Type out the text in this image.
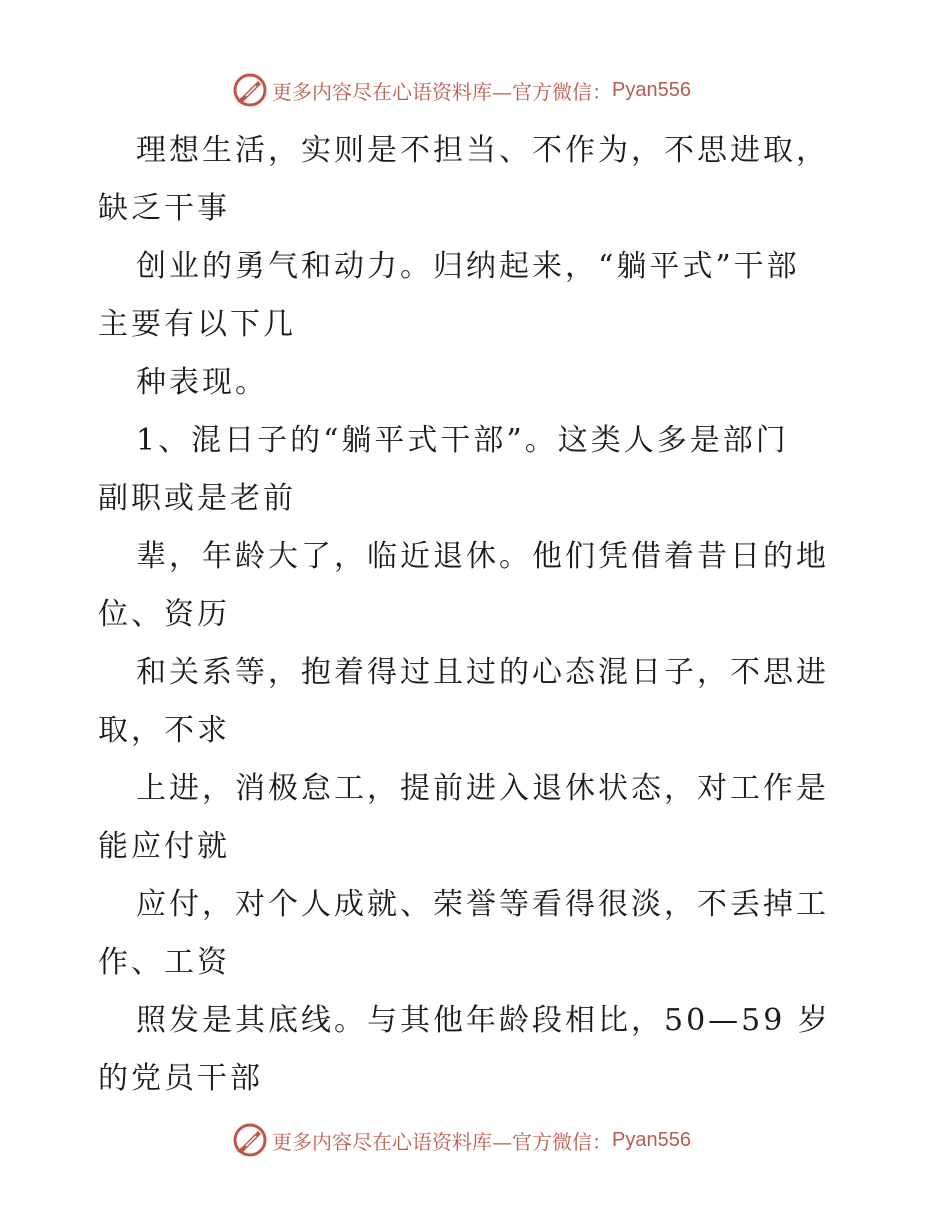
更多内容尽在心语资料库—官方微信： Pyan556
理想生活，实则是不担当、不作为，不思进取，
缺乏干事
创业的勇气和动力。归纳起来，“躺平式”干部
主要有以下几
种表现。
1、混日子的“躺平式干部”。这类人多是部门
副职或是老前
辈，年龄大了，临近退休。他们凭借着昔日的地
位、资历
和关系等，抱着得过且过的心态混日子，不思进
取，不求
上进，消极怠工，提前进入退休状态，对工作是
能应付就
应付，对个人成就、荣誉等看得很淡，不丢掉工
作、工资
照发是其底线。与其他年龄段相比，50—59 岁
的党员干部
更多内容尽在心语资料库—官方微信： Pyan556
